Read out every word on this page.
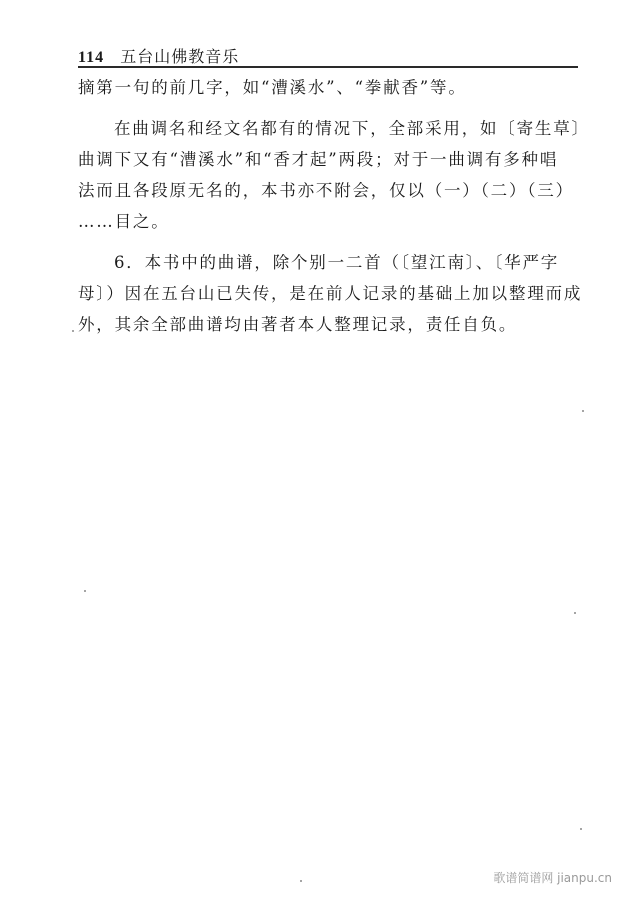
114 五台山佛教音乐
摘第一句的前几字，如“漕溪水”、“拳献香”等。
在曲调名和经文名都有的情况下，全部采用，如〔寄生草〕
曲调下又有“漕溪水”和“香才起”两段；对于一曲调有多种唱
法而且各段原无名的，本书亦不附会，仅以（一）（二）（三）
……目之。
6．本书中的曲谱，除个别一二首（〔望江南〕、〔华严字
母〕）因在五台山已失传，是在前人记录的基础上加以整理而成
外，其余全部曲谱均由著者本人整理记录，责任自负。
歌谱简谱网 jianpu.cn
